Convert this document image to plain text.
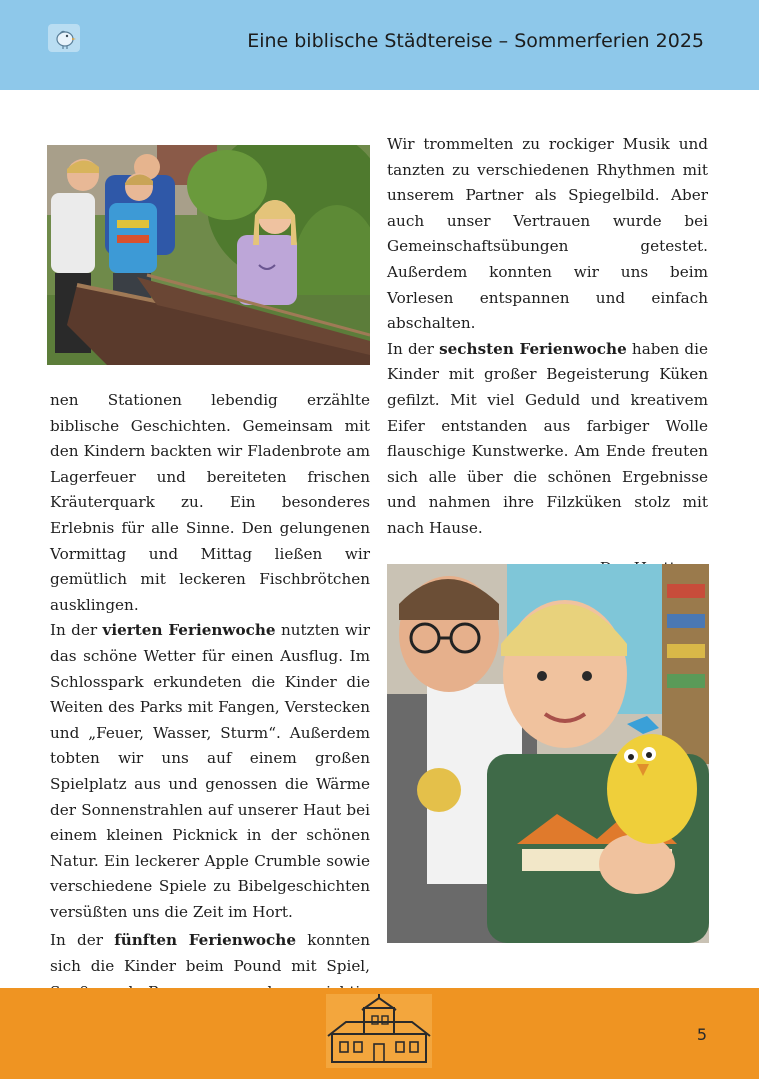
Eine biblische Städtereise – Sommerferien 2025

nen Stationen lebendig erzählte biblische Geschichten. Gemeinsam mit den Kindern backten wir Fladenbrote am Lagerfeuer und bereiteten frischen Kräuterquark zu. Ein besonderes Erlebnis für alle Sinne. Den gelungenen Vormittag und Mittag ließen wir gemütlich mit leckeren Fischbrötchen ausklingen.

In der vierten Ferienwoche nutzten wir das schöne Wetter für einen Ausflug. Im Schlosspark erkundeten die Kinder die Weiten des Parks mit Fangen, Verstecken und „Feuer, Wasser, Sturm“. Außerdem tobten wir uns auf einem großen Spielplatz aus und genossen die Wärme der Sonnenstrahlen auf unserer Haut bei einem kleinen Picknick in der schönen Natur. Ein leckerer Apple Crumble sowie verschiedene Spiele zu Bibelgeschichten versüßten uns die Zeit im Hort.

In der fünften Ferienwoche konnten sich die Kinder beim Pound mit Spiel,

Wir trommelten zu rockiger Musik und tanzten zu verschiedenen Rhythmen mit unserem Partner als Spiegelbild. Aber auch unser Vertrauen wurde bei Gemeinschaftsübungen getestet. Außerdem konnten wir uns beim Vorlesen entspannen und einfach abschalten.

In der sechsten Ferienwoche haben die Kinder mit großer Begeisterung Küken gefilzt. Mit viel Geduld und kreativem Eifer entstanden aus farbiger Wolle flauschige Kunstwerke. Am Ende freuten sich alle über die schönen Ergebnisse und nahmen ihre Filzküken stolz mit nach Hause.

5
